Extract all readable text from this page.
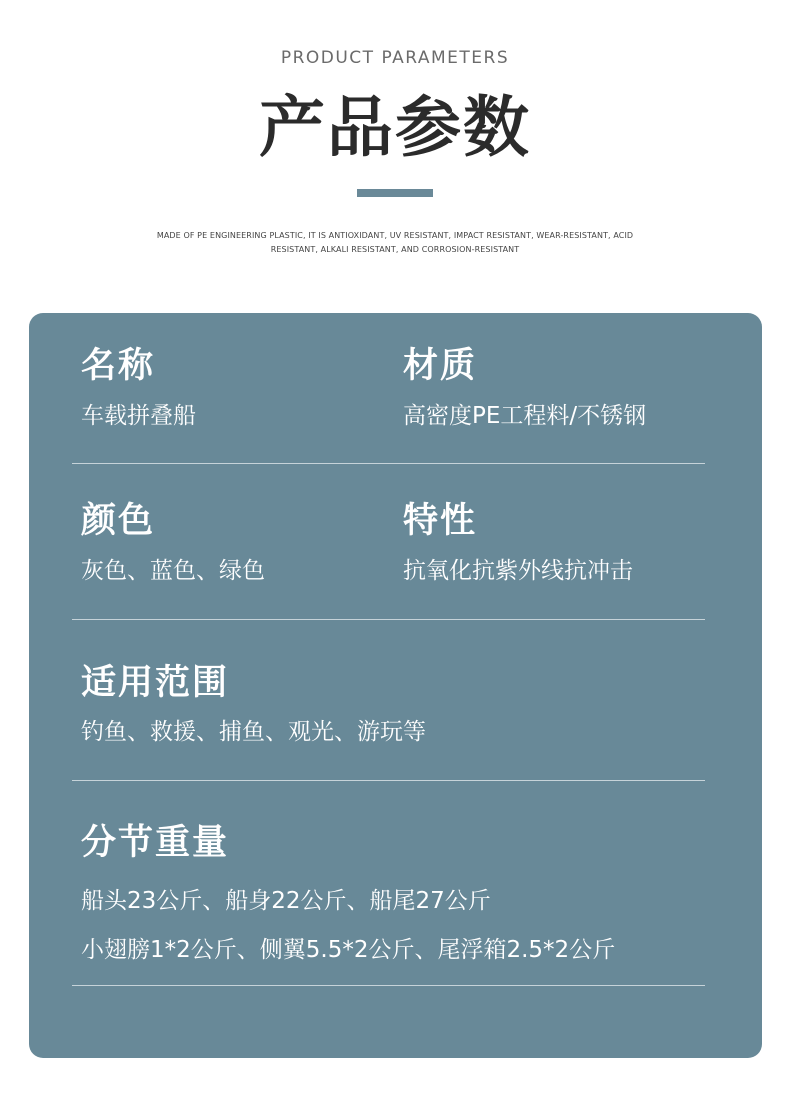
PRODUCT PARAMETERS
产品参数
MADE OF PE ENGINEERING PLASTIC, IT IS ANTIOXIDANT, UV RESISTANT, IMPACT RESISTANT, WEAR-RESISTANT, ACID RESISTANT, ALKALI RESISTANT, AND CORROSION-RESISTANT
名称
车载拼叠船
材质
高密度PE工程料/不锈钢
颜色
灰色、蓝色、绿色
特性
抗氧化抗紫外线抗冲击
适用范围
钓鱼、救援、捕鱼、观光、游玩等
分节重量
船头23公斤、船身22公斤、船尾27公斤
小翅膀1*2公斤、侧翼5.5*2公斤、尾浮箱2.5*2公斤
